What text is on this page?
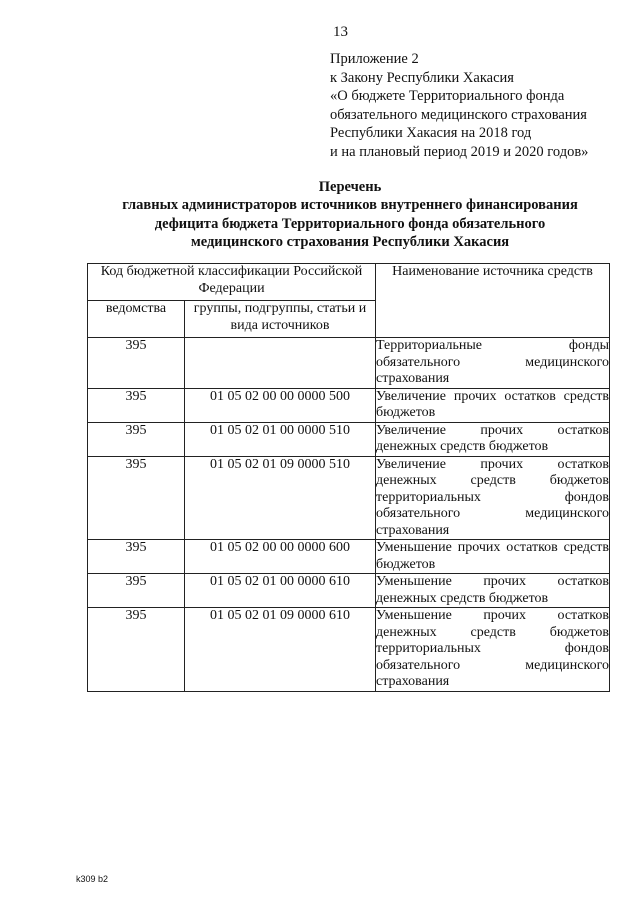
13
Приложение 2
к Закону Республики Хакасия
«О бюджете Территориального фонда
обязательного медицинского страхования
Республики Хакасия на 2018 год
и на плановый период 2019 и 2020 годов»
Перечень
главных администраторов источников внутреннего финансирования
дефицита бюджета Территориального фонда обязательного
медицинского страхования Республики Хакасия
Код бюджетной классификации Российской Федерации		Наименование источника средств
ведомства	группы, подгруппы, статьи и вида источников	
395		Территориальные фонды обязательного медицинского страхования
395	01 05 02 00 00 0000 500	Увеличение прочих остатков средств бюджетов
395	01 05 02 01 00 0000 510	Увеличение прочих остатков денежных средств бюджетов
395	01 05 02 01 09 0000 510	Увеличение прочих остатков денежных средств бюджетов территориальных фондов обязательного медицинского страхования
395	01 05 02 00 00 0000 600	Уменьшение прочих остатков средств бюджетов
395	01 05 02 01 00 0000 610	Уменьшение прочих остатков денежных средств бюджетов
395	01 05 02 01 09 0000 610	Уменьшение прочих остатков денежных средств бюджетов территориальных фондов обязательного медицинского страхования
k309 b2
